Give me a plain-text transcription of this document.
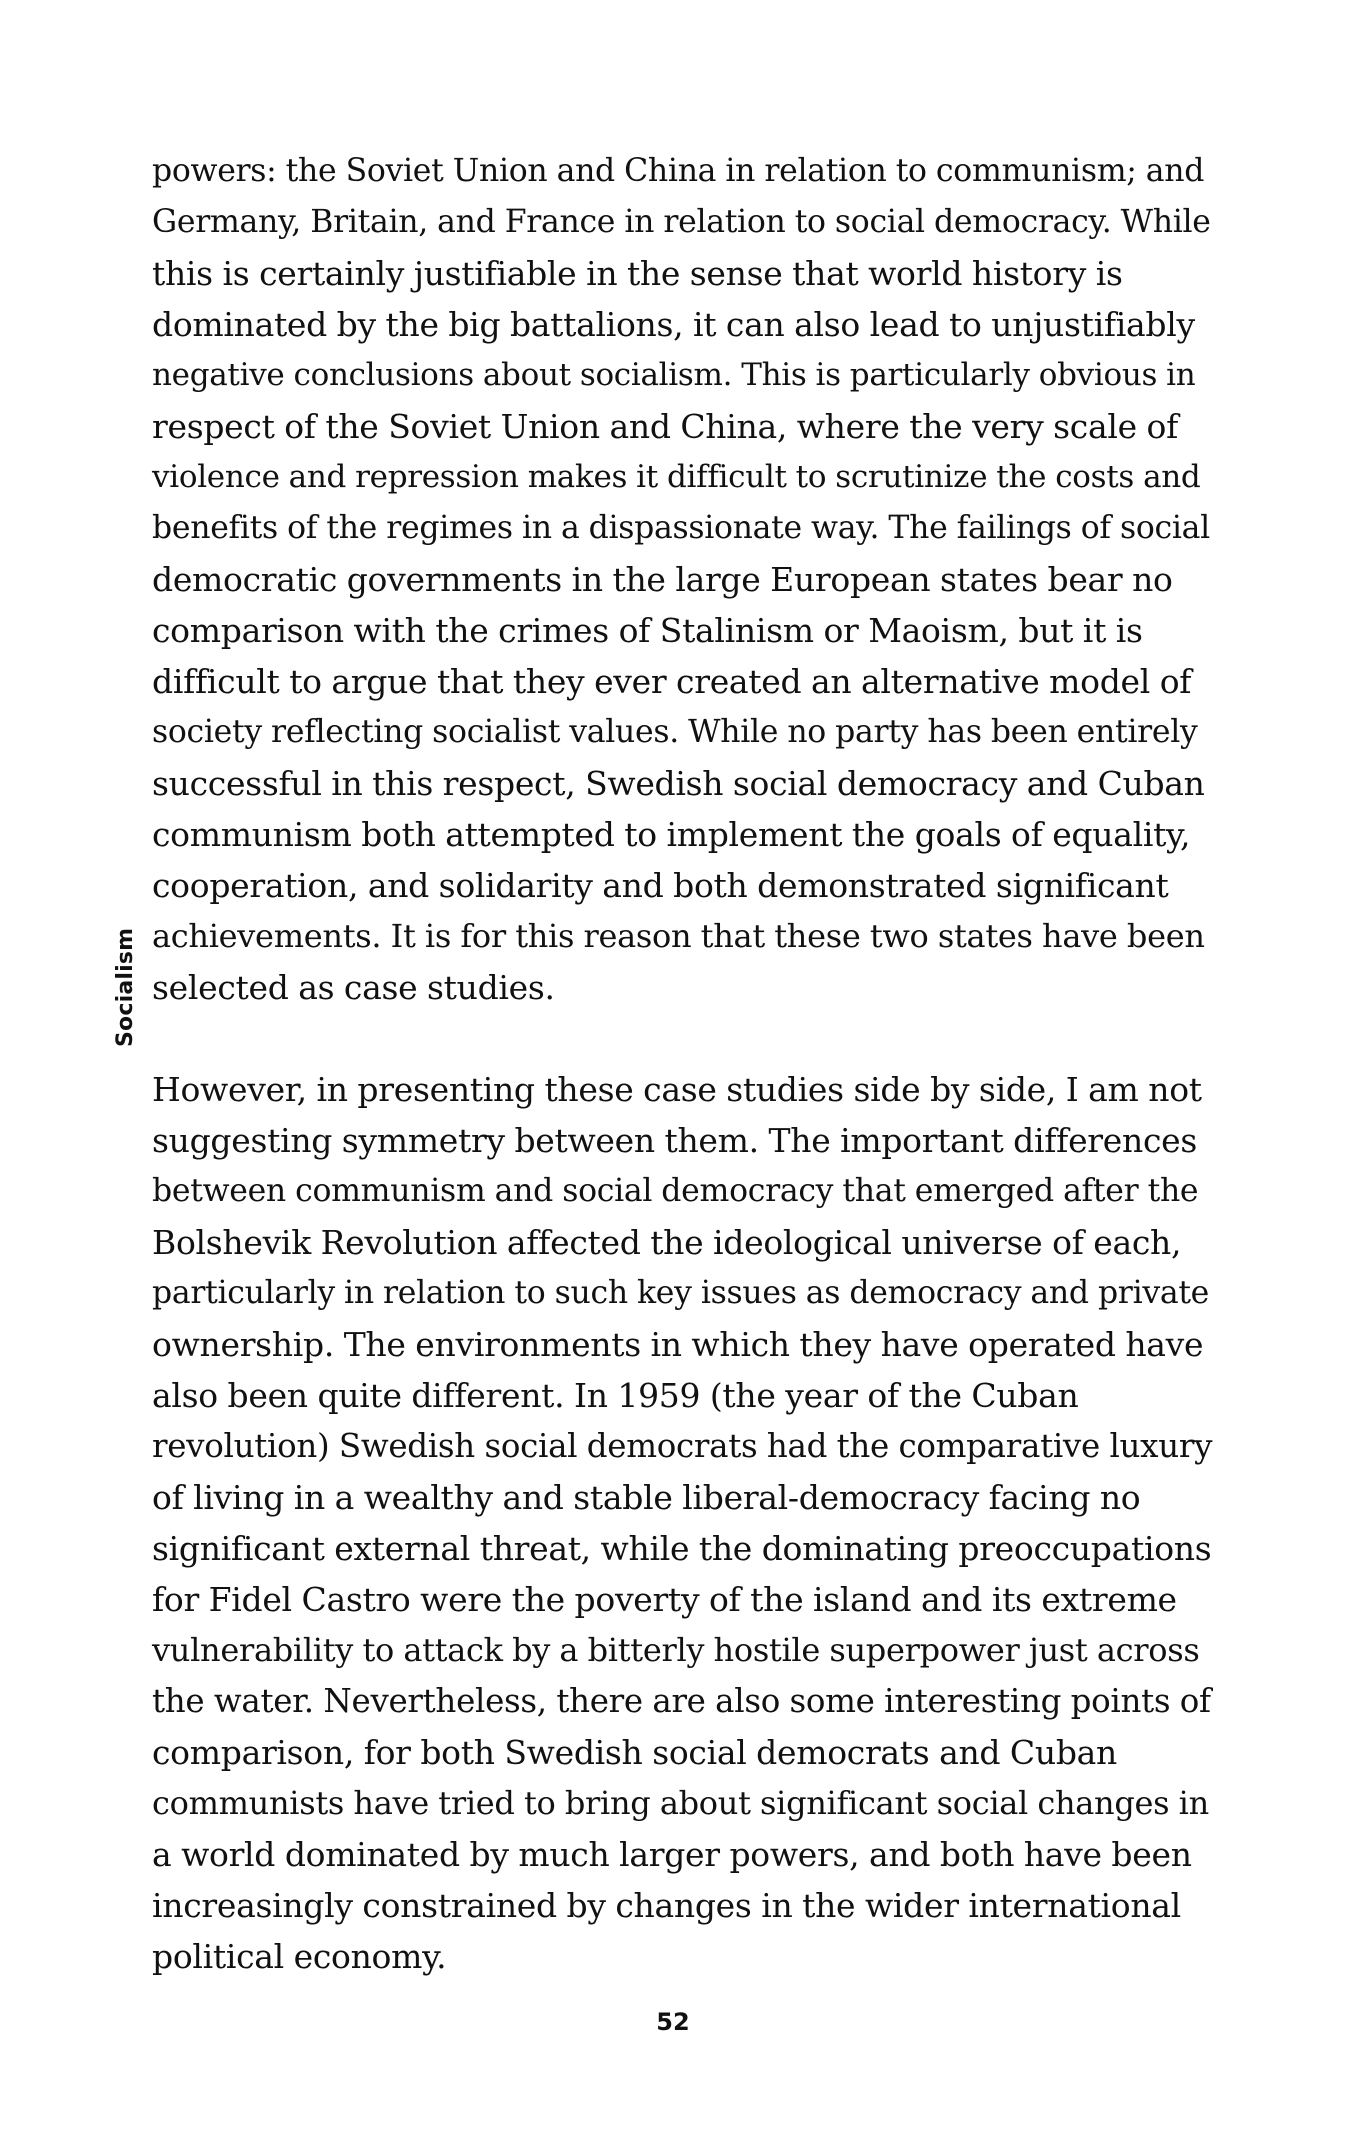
Socialism
powers: the Soviet Union and China in relation to communism; and
Germany, Britain, and France in relation to social democracy. While
this is certainly justifiable in the sense that world history is
dominated by the big battalions, it can also lead to unjustifiably
negative conclusions about socialism. This is particularly obvious in
respect of the Soviet Union and China, where the very scale of
violence and repression makes it difficult to scrutinize the costs and
benefits of the regimes in a dispassionate way. The failings of social
democratic governments in the large European states bear no
comparison with the crimes of Stalinism or Maoism, but it is
difficult to argue that they ever created an alternative model of
society reflecting socialist values. While no party has been entirely
successful in this respect, Swedish social democracy and Cuban
communism both attempted to implement the goals of equality,
cooperation, and solidarity and both demonstrated significant
achievements. It is for this reason that these two states have been
selected as case studies.
However, in presenting these case studies side by side, I am not
suggesting symmetry between them. The important differences
between communism and social democracy that emerged after the
Bolshevik Revolution affected the ideological universe of each,
particularly in relation to such key issues as democracy and private
ownership. The environments in which they have operated have
also been quite different. In 1959 (the year of the Cuban
revolution) Swedish social democrats had the comparative luxury
of living in a wealthy and stable liberal-democracy facing no
significant external threat, while the dominating preoccupations
for Fidel Castro were the poverty of the island and its extreme
vulnerability to attack by a bitterly hostile superpower just across
the water. Nevertheless, there are also some interesting points of
comparison, for both Swedish social democrats and Cuban
communists have tried to bring about significant social changes in
a world dominated by much larger powers, and both have been
increasingly constrained by changes in the wider international
political economy.
52
